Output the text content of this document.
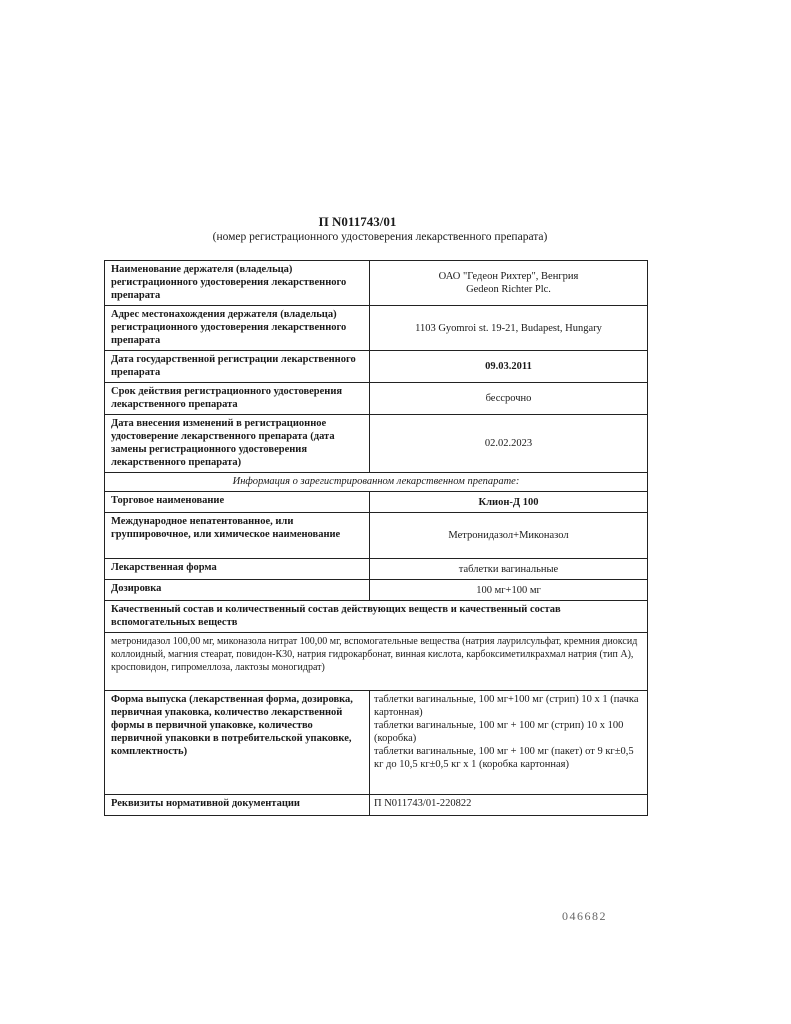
П N011743/01
(номер регистрационного удостоверения лекарственного препарата)
Наименование держателя (владельца) регистрационного удостоверения лекарственного препарата	ОАО "Гедеон Рихтер", Венгрия
Gedeon Richter Plc.

Адрес местонахождения держателя (владельца) регистрационного удостоверения лекарственного препарата	1103 Gyomroi st. 19-21, Budapest, Hungary
Дата государственной регистрации лекарственного препарата	09.03.2011
Срок действия регистрационного удостоверения лекарственного препарата	бессрочно
Дата внесения изменений в регистрационное удостоверение лекарственного препарата (дата замены регистрационного удостоверения лекарственного препарата)	02.02.2023
Информация о зарегистрированном лекарственном препарате:	
Торговое наименование	Клион-Д 100
Международное непатентованное, или группировочное, или химическое наименование	Метронидазол+Миконазол
Лекарственная форма	таблетки вагинальные
Дозировка	100 мг+100 мг
Качественный состав и количественный состав действующих веществ и качественный состав вспомогательных веществ	
метронидазол 100,00 мг, миконазола нитрат 100,00 мг, вспомогательные вещества (натрия лаурилсульфат, кремния диоксид коллоидный, магния стеарат, повидон-К30, натрия гидрокарбонат, винная кислота, карбоксиметилкрахмал натрия (тип А), кросповидон, гипромеллоза, лактозы моногидрат)	
Форма выпуска (лекарственная форма, дозировка, первичная упаковка, количество лекарственной формы в первичной упаковке, количество первичной упаковки в потребительской упаковке, комплектность)	таблетки вагинальные, 100 мг+100 мг (стрип) 10 х 1 (пачка картонная)
таблетки вагинальные, 100 мг + 100 мг (стрип) 10 х 100 (коробка)
таблетки вагинальные, 100 мг + 100 мг (пакет) от 9 кг±0,5 кг до 10,5 кг±0,5 кг х 1 (коробка картонная)

Реквизиты нормативной документации	П N011743/01-220822
046682
